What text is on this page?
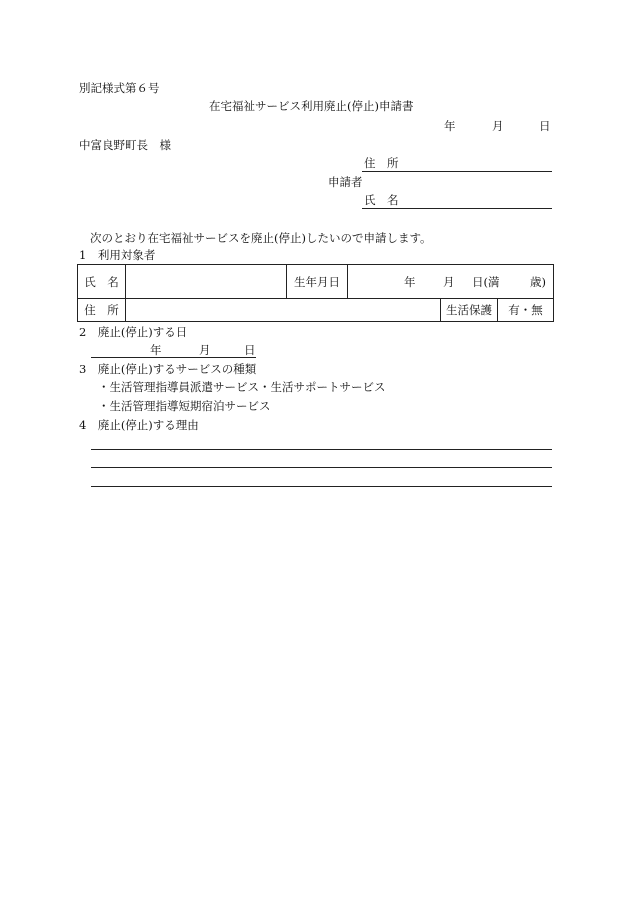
別記様式第６号
在宅福祉サービス利用廃止(停止)申請書
年	月	日
中富良野町長　様
住　所
申請者
氏　名
次のとおり在宅福祉サービスを廃止(停止)したいので申請します。
1　利用対象者
氏　名		生年月日	年 月 日(満 歳)		

住　所				生活保護	有・無
2　廃止(停止)する日
年	月	日
3　廃止(停止)するサービスの種類
・生活管理指導員派遣サービス・生活サポートサービス
・生活管理指導短期宿泊サービス
4　廃止(停止)する理由
